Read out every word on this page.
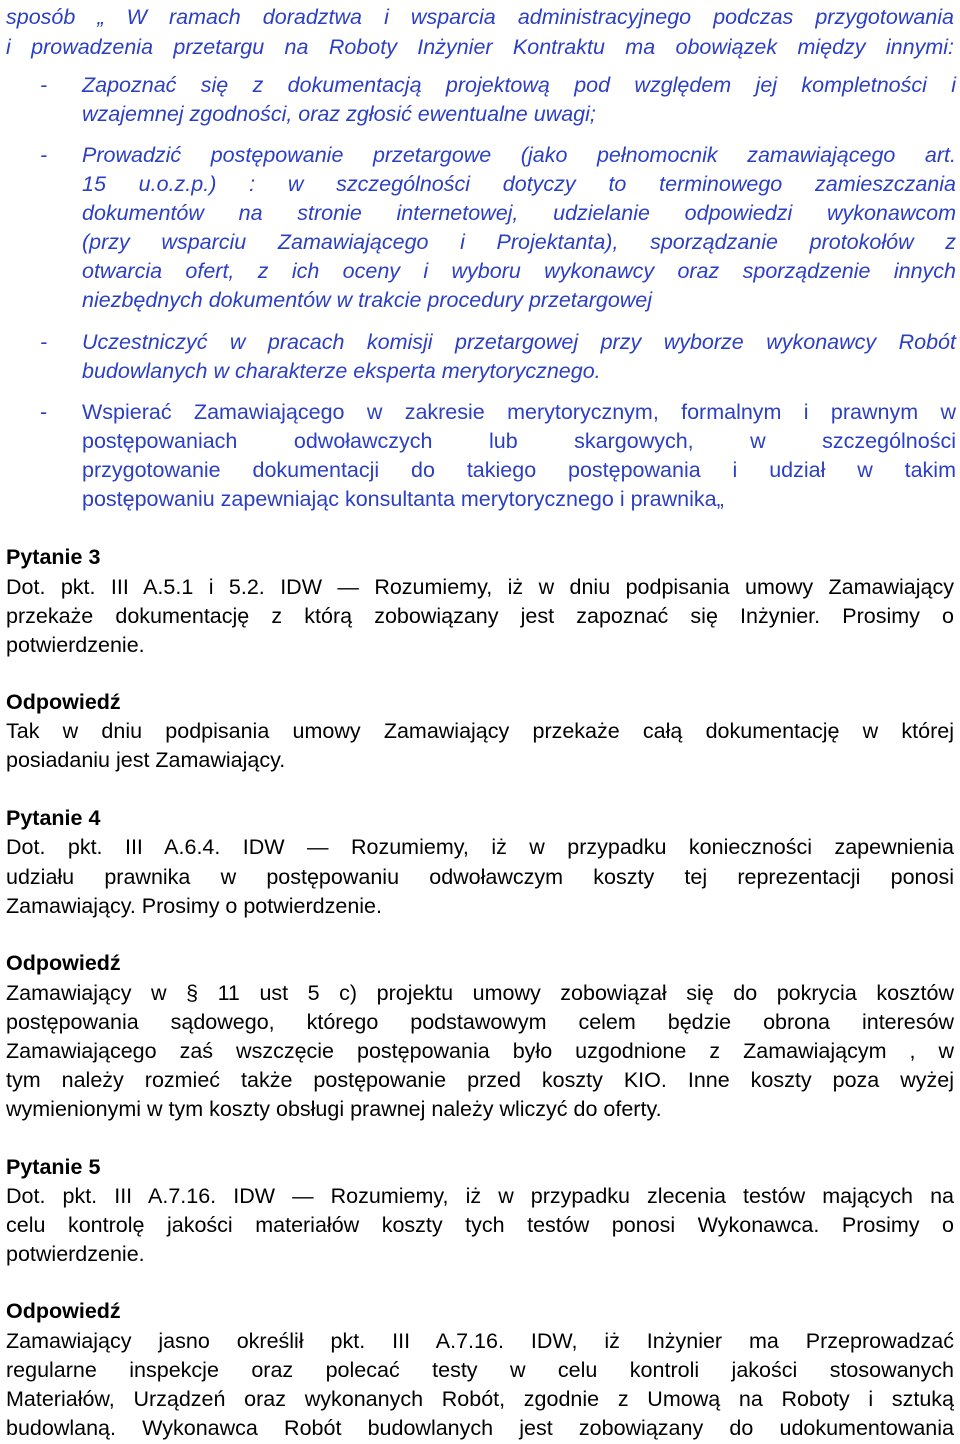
sposób „ W ramach doradztwa i wsparcia administracyjnego podczas przygotowania
i prowadzenia przetargu na Roboty Inżynier Kontraktu ma obowiązek między innymi:
-	Zapoznać się z dokumentacją projektową pod względem jej kompletności i
wzajemnej zgodności, oraz zgłosić ewentualne uwagi;
-	Prowadzić postępowanie przetargowe (jako pełnomocnik zamawiającego art.
15 u.o.z.p.) : w szczególności dotyczy to terminowego zamieszczania
dokumentów na stronie internetowej, udzielanie odpowiedzi wykonawcom
(przy wsparciu Zamawiającego i Projektanta), sporządzanie protokołów z
otwarcia ofert, z ich oceny i wyboru wykonawcy oraz sporządzenie innych
niezbędnych dokumentów w trakcie procedury przetargowej
-	Uczestniczyć w pracach komisji przetargowej przy wyborze wykonawcy Robót
budowlanych w charakterze eksperta merytorycznego.
-	Wspierać Zamawiającego w zakresie merytorycznym, formalnym i prawnym w
postępowaniach odwoławczych lub skargowych, w szczególności
przygotowanie dokumentacji do takiego postępowania i udział w takim
postępowaniu zapewniając konsultanta merytorycznego i prawnika„
Pytanie 3
Dot. pkt. III A.5.1 i 5.2. IDW — Rozumiemy, iż w dniu podpisania umowy Zamawiający
przekaże dokumentację z którą zobowiązany jest zapoznać się Inżynier. Prosimy o
potwierdzenie.
Odpowiedź
Tak w dniu podpisania umowy Zamawiający przekaże całą dokumentację w której
posiadaniu jest Zamawiający.
Pytanie 4
Dot. pkt. III A.6.4. IDW — Rozumiemy, iż w przypadku konieczności zapewnienia
udziału prawnika w postępowaniu odwoławczym koszty tej reprezentacji ponosi
Zamawiający. Prosimy o potwierdzenie.
Odpowiedź
Zamawiający w § 11 ust 5 c) projektu umowy zobowiązał się do pokrycia kosztów
postępowania sądowego, którego podstawowym celem będzie obrona interesów
Zamawiającego zaś wszczęcie postępowania było uzgodnione z Zamawiającym , w
tym należy rozmieć także postępowanie przed koszty KIO. Inne koszty poza wyżej
wymienionymi w tym koszty obsługi prawnej należy wliczyć do oferty.
Pytanie 5
Dot. pkt. III A.7.16. IDW — Rozumiemy, iż w przypadku zlecenia testów mających na
celu kontrolę jakości materiałów koszty tych testów ponosi Wykonawca. Prosimy o
potwierdzenie.
Odpowiedź
Zamawiający jasno określił pkt. III A.7.16. IDW, iż Inżynier ma Przeprowadzać
regularne inspekcje oraz polecać testy w celu kontroli jakości stosowanych
Materiałów, Urządzeń oraz wykonanych Robót, zgodnie z Umową na Roboty i sztuką
budowlaną. Wykonawca Robót budowlanych jest zobowiązany do udokumentowania
